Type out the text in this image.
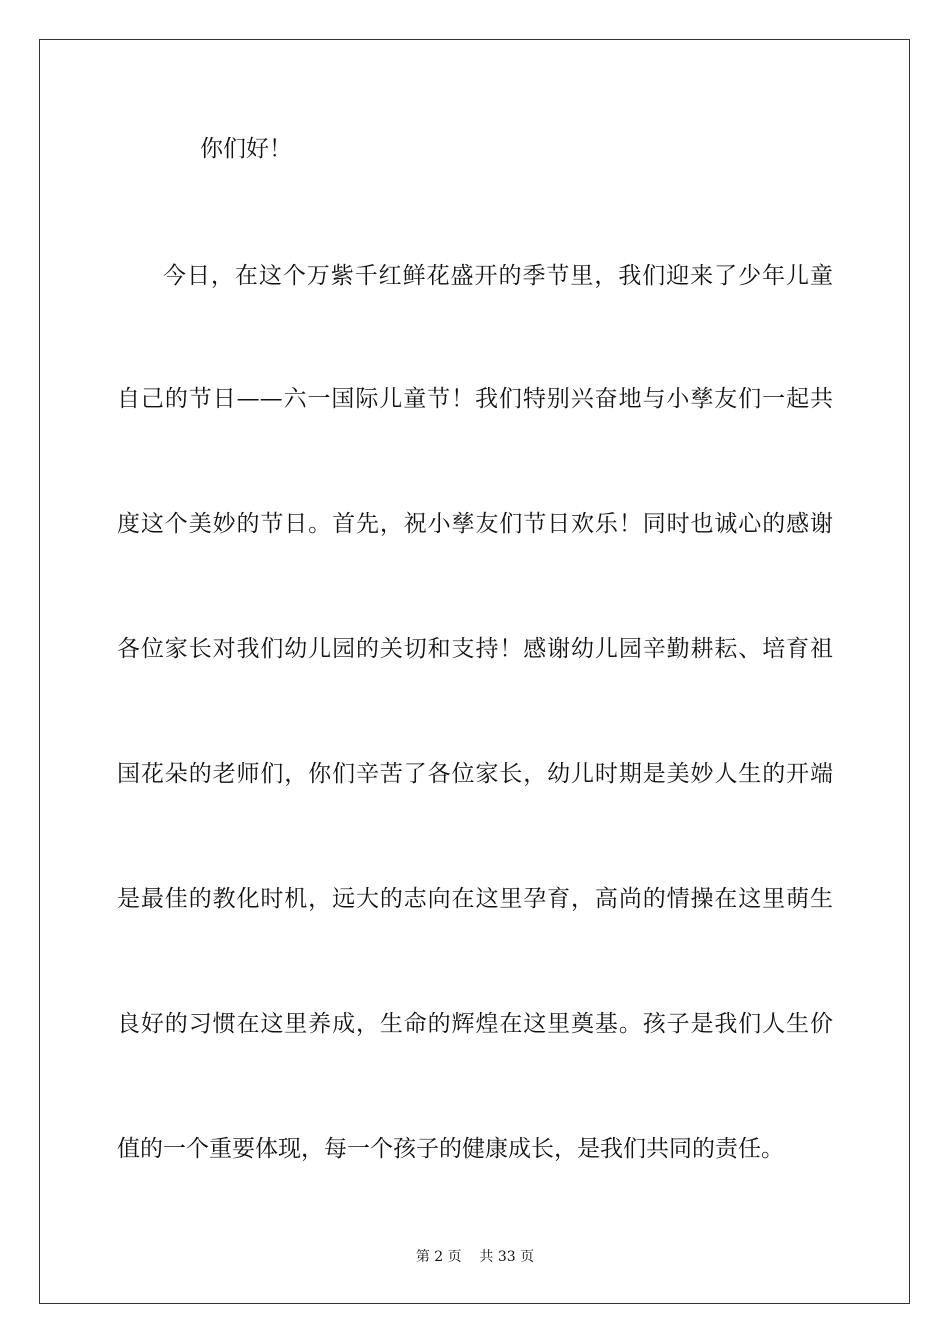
你们好！
今日，在这个万紫千红鲜花盛开的季节里，我们迎来了少年儿童
自己的节日——六一国际儿童节！我们特别兴奋地与小孳友们一起共
度这个美妙的节日。首先，祝小孳友们节日欢乐！同时也诚心的感谢
各位家长对我们幼儿园的关切和支持！感谢幼儿园辛勤耕耘、培育祖
国花朵的老师们，你们辛苦了各位家长，幼儿时期是美妙人生的开端
是最佳的教化时机，远大的志向在这里孕育，高尚的情操在这里萌生
良好的习惯在这里养成，生命的辉煌在这里奠基。孩子是我们人生价
值的一个重要体现，每一个孩子的健康成长，是我们共同的责任。
第 2 页    共 33 页
